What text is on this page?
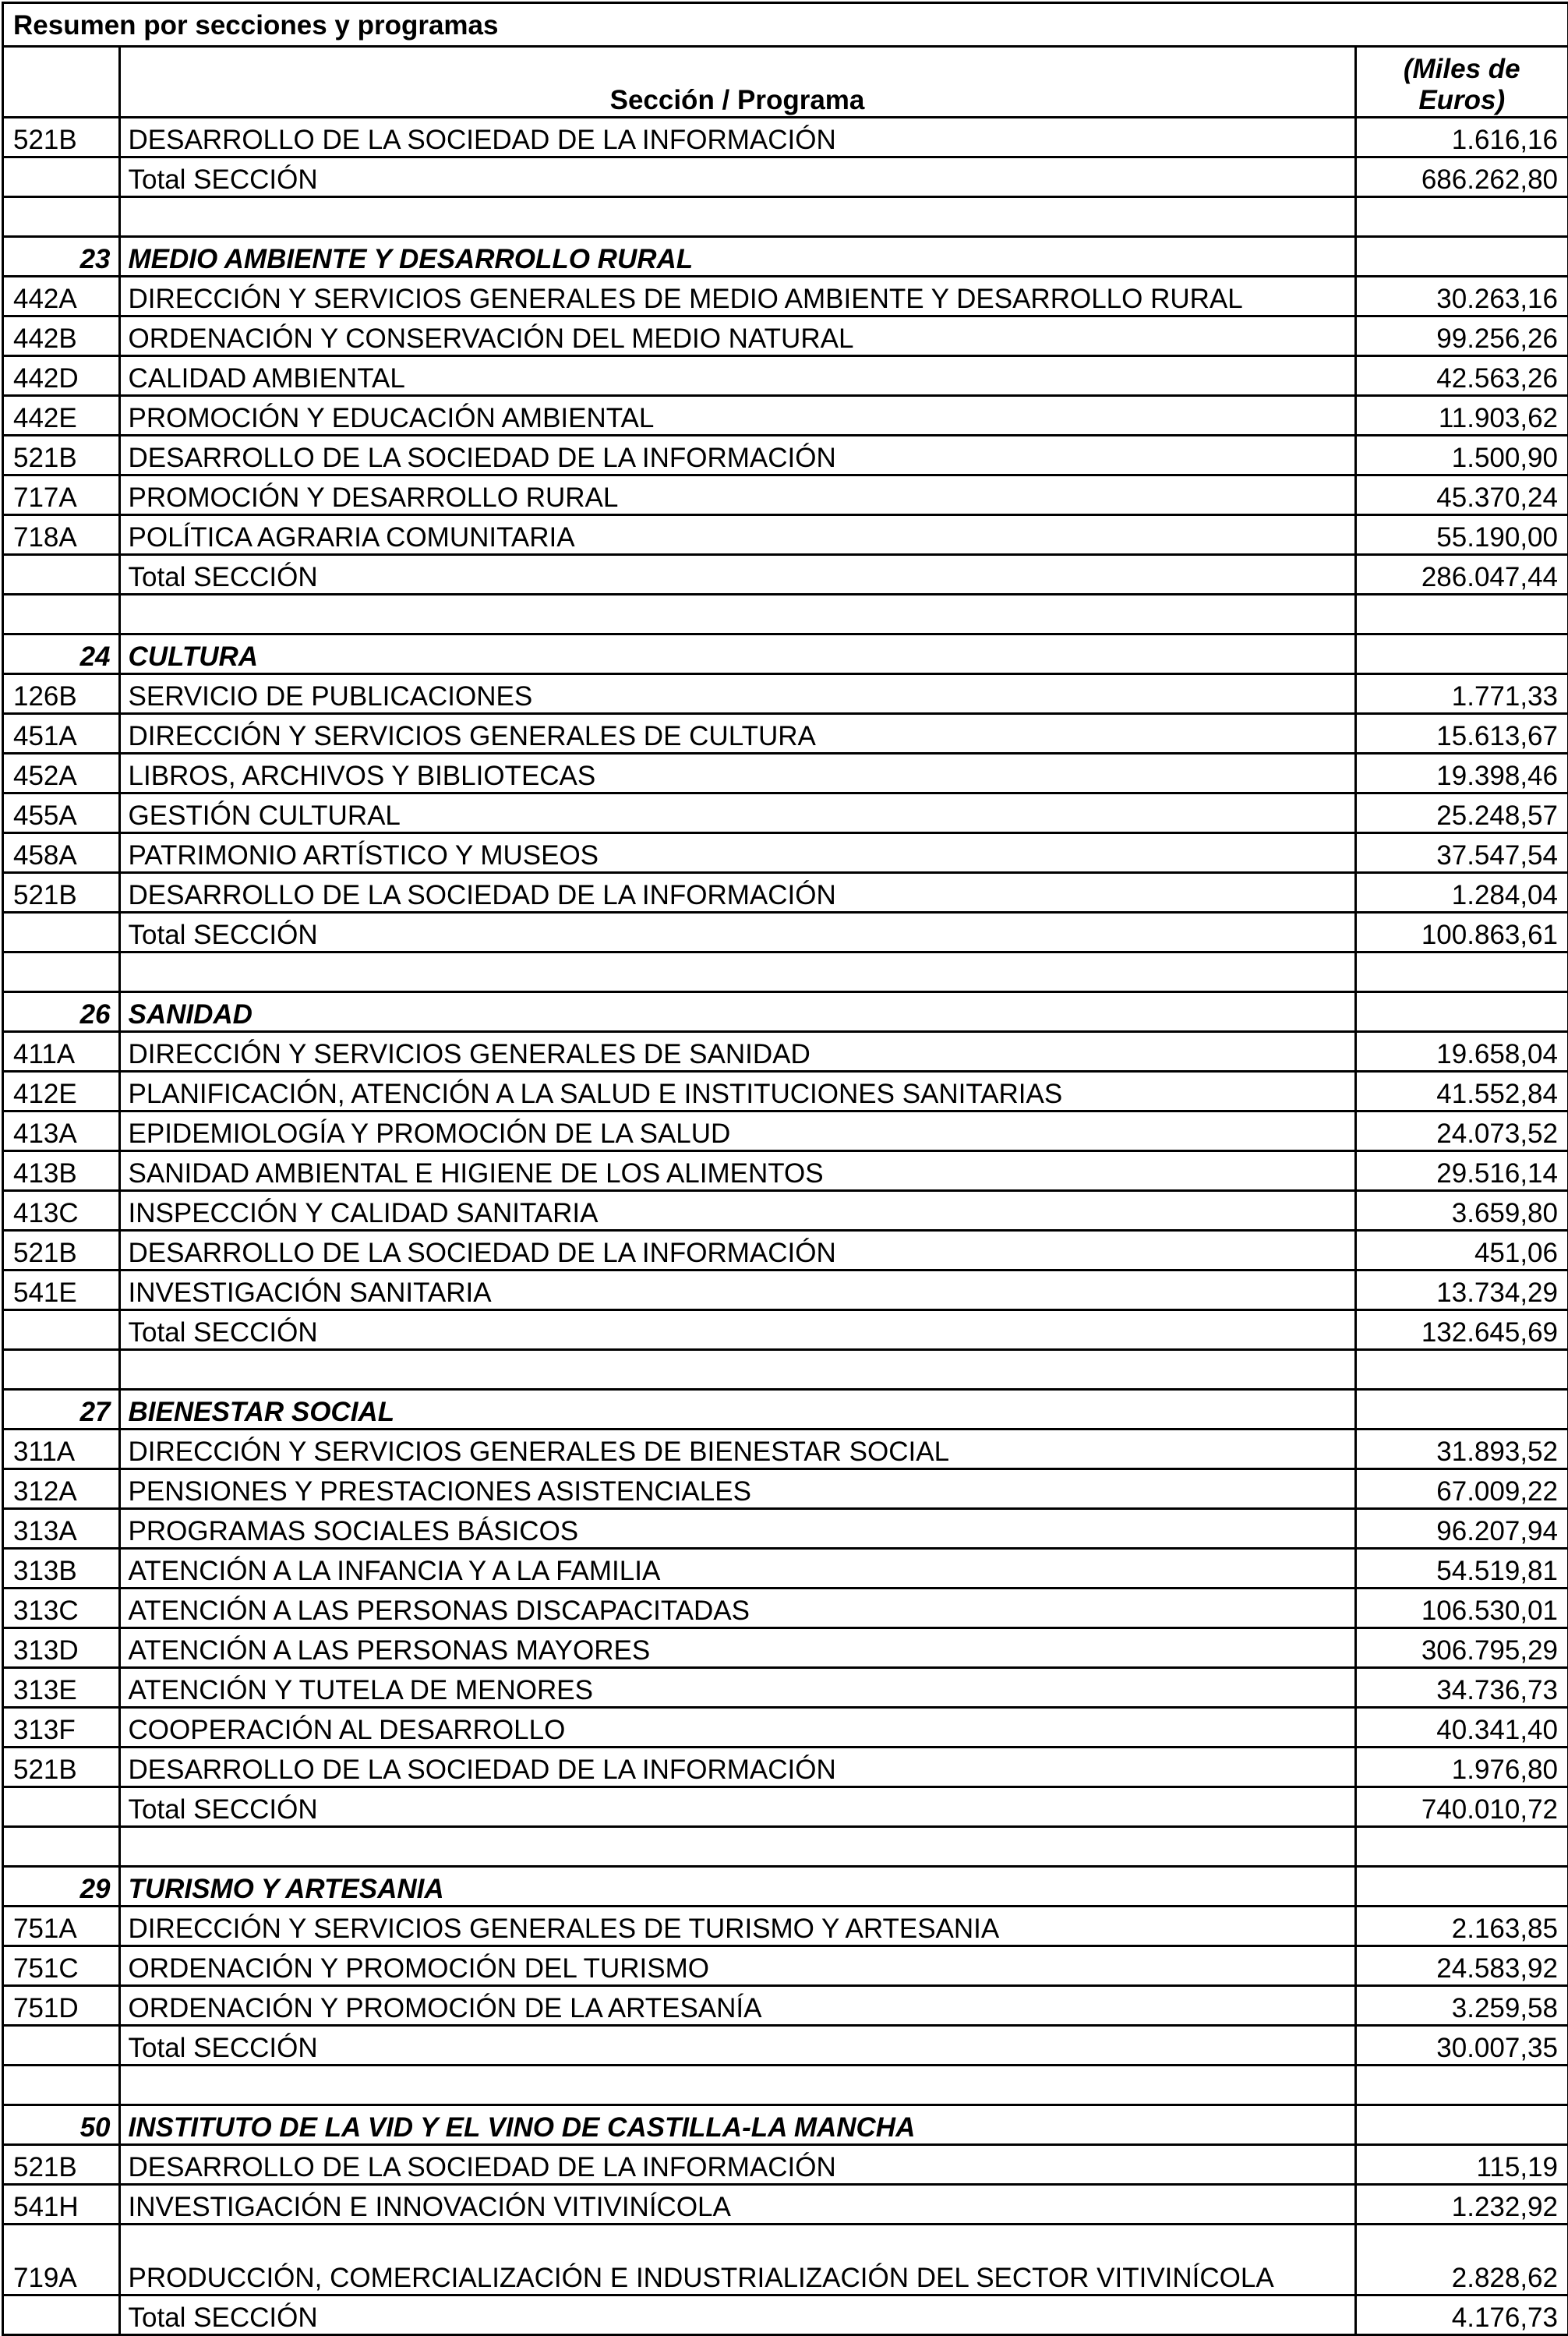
Resumen por secciones y programas
	Sección / Programa	(Miles de Euros)
521B	DESARROLLO DE LA SOCIEDAD DE LA INFORMACIÓN	1.616,16
	Total SECCIÓN	686.262,80

23	MEDIO AMBIENTE Y DESARROLLO RURAL	
442A	DIRECCIÓN Y SERVICIOS GENERALES DE MEDIO AMBIENTE Y DESARROLLO RURAL	30.263,16
442B	ORDENACIÓN Y CONSERVACIÓN DEL MEDIO NATURAL	99.256,26
442D	CALIDAD AMBIENTAL	42.563,26
442E	PROMOCIÓN Y EDUCACIÓN AMBIENTAL	11.903,62
521B	DESARROLLO DE LA SOCIEDAD DE LA INFORMACIÓN	1.500,90
717A	PROMOCIÓN Y DESARROLLO RURAL	45.370,24
718A	POLÍTICA AGRARIA COMUNITARIA	55.190,00
	Total SECCIÓN	286.047,44

24	CULTURA	
126B	SERVICIO DE PUBLICACIONES	1.771,33
451A	DIRECCIÓN Y SERVICIOS GENERALES DE CULTURA	15.613,67
452A	LIBROS, ARCHIVOS Y BIBLIOTECAS	19.398,46
455A	GESTIÓN CULTURAL	25.248,57
458A	PATRIMONIO ARTÍSTICO Y MUSEOS	37.547,54
521B	DESARROLLO DE LA SOCIEDAD DE LA INFORMACIÓN	1.284,04
	Total SECCIÓN	100.863,61

26	SANIDAD	
411A	DIRECCIÓN Y SERVICIOS GENERALES DE SANIDAD	19.658,04
412E	PLANIFICACIÓN, ATENCIÓN A LA SALUD E INSTITUCIONES SANITARIAS	41.552,84
413A	EPIDEMIOLOGÍA Y PROMOCIÓN DE LA SALUD	24.073,52
413B	SANIDAD AMBIENTAL E HIGIENE DE LOS ALIMENTOS	29.516,14
413C	INSPECCIÓN Y CALIDAD SANITARIA	3.659,80
521B	DESARROLLO DE LA SOCIEDAD DE LA INFORMACIÓN	451,06
541E	INVESTIGACIÓN SANITARIA	13.734,29
	Total SECCIÓN	132.645,69

27	BIENESTAR SOCIAL	
311A	DIRECCIÓN Y SERVICIOS GENERALES DE BIENESTAR SOCIAL	31.893,52
312A	PENSIONES Y PRESTACIONES ASISTENCIALES	67.009,22
313A	PROGRAMAS SOCIALES BÁSICOS	96.207,94
313B	ATENCIÓN A LA INFANCIA Y A LA FAMILIA	54.519,81
313C	ATENCIÓN A LAS PERSONAS DISCAPACITADAS	106.530,01
313D	ATENCIÓN A LAS PERSONAS MAYORES	306.795,29
313E	ATENCIÓN Y TUTELA DE MENORES	34.736,73
313F	COOPERACIÓN AL DESARROLLO	40.341,40
521B	DESARROLLO DE LA SOCIEDAD DE LA INFORMACIÓN	1.976,80
	Total SECCIÓN	740.010,72

29	TURISMO Y ARTESANIA	
751A	DIRECCIÓN Y SERVICIOS GENERALES DE TURISMO Y ARTESANIA	2.163,85
751C	ORDENACIÓN Y PROMOCIÓN DEL TURISMO	24.583,92
751D	ORDENACIÓN Y PROMOCIÓN DE LA ARTESANÍA	3.259,58
	Total SECCIÓN	30.007,35

50	INSTITUTO DE LA VID Y EL VINO DE CASTILLA-LA MANCHA	
521B	DESARROLLO DE LA SOCIEDAD DE LA INFORMACIÓN	115,19
541H	INVESTIGACIÓN E INNOVACIÓN VITIVINÍCOLA	1.232,92
719A	PRODUCCIÓN, COMERCIALIZACIÓN E INDUSTRIALIZACIÓN DEL SECTOR VITIVINÍCOLA	2.828,62
	Total SECCIÓN	4.176,73
